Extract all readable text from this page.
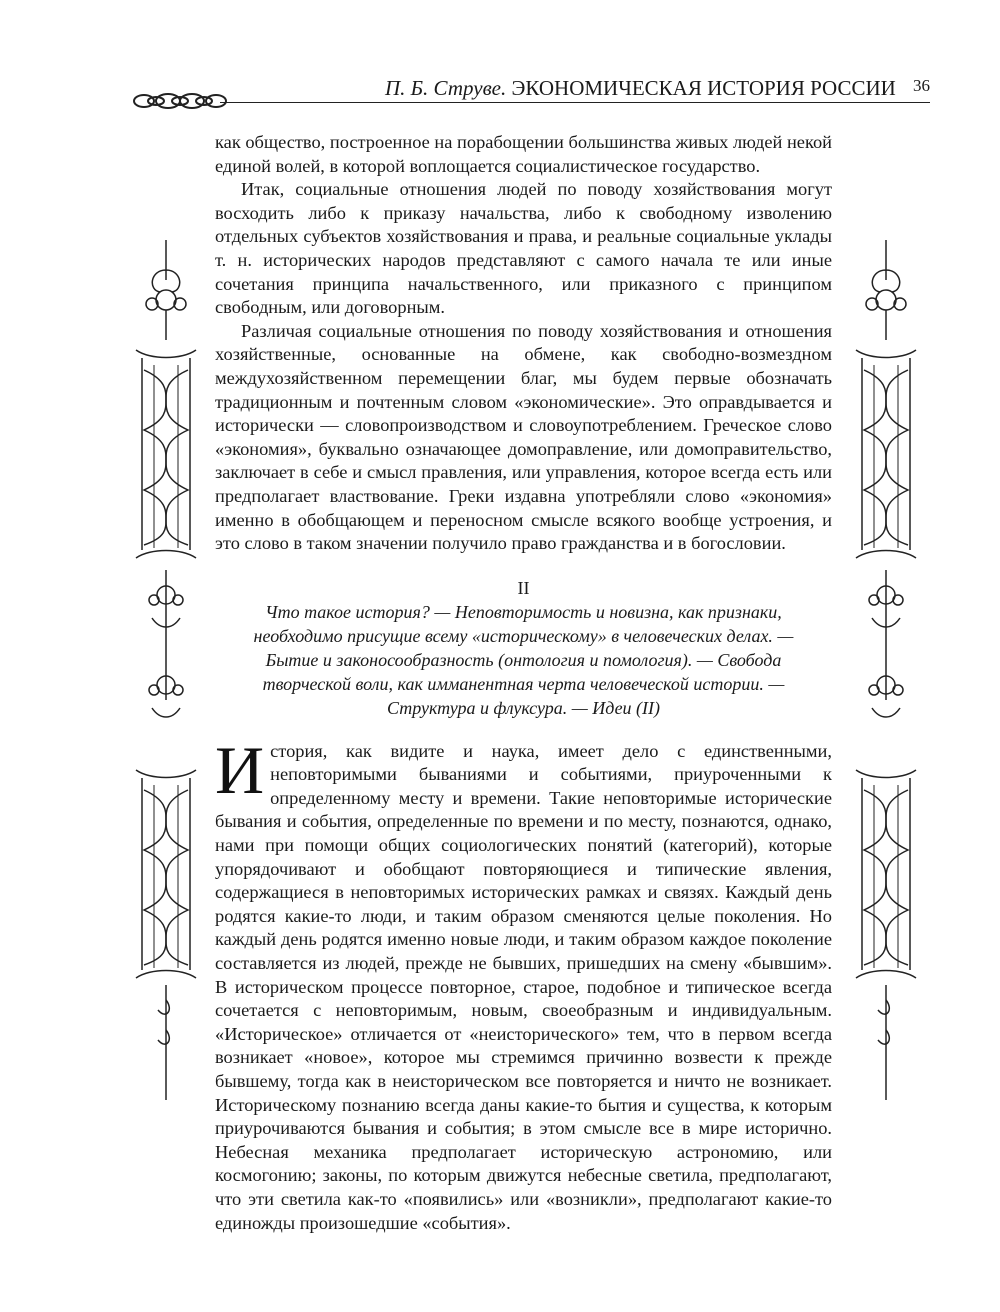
П. Б. Струве. ЭКОНОМИЧЕСКАЯ ИСТОРИЯ РОССИИ 36

как общество, построенное на порабощении большинства живых людей некой единой волей, в которой воплощается социалистическое государство.

Итак, социальные отношения людей по поводу хозяйствования могут восходить либо к приказу начальства, либо к свободному изволению отдельных субъектов хозяйствования и права, и реальные социальные уклады т. н. исторических народов представляют с самого начала те или иные сочетания принципа начальственного, или приказного с принципом свободным, или договорным.

Различая социальные отношения по поводу хозяйствования и отношения хозяйственные, основанные на обмене, как свободно-возмездном междухозяйственном перемещении благ, мы будем первые обозначать традиционным и почтенным словом «экономические». Это оправдывается и исторически — словопроизводством и словоупотреблением. Греческое слово «экономия», буквально означающее домоправление, или домоправительство, заключает в себе и смысл правления, или управления, которое всегда есть или предполагает властвование. Греки издавна употребляли слово «экономия» именно в обобщающем и переносном смысле всякого вообще устроения, и это слово в таком значении получило право гражданства и в богословии.

II
Что такое история? — Неповторимость и новизна, как признаки, необходимо присущие всему «историческому» в человеческих делах. — Бытие и законосообразность (онтология и помология). — Свобода творческой воли, как имманентная черта человеческой истории. — Структура и флуксура. — Идеи (II)

История, как видите и наука, имеет дело с единственными, неповторимыми бываниями и событиями, приуроченными к определенному месту и времени. Такие неповторимые исторические бывания и события, определенные по времени и по месту, познаются, однако, нами при помощи общих социологических понятий (категорий), которые упорядочивают и обобщают повторяющиеся и типические явления, содержащиеся в неповторимых исторических рамках и связях. Каждый день родятся какие-то люди, и таким образом сменяются целые поколения. Но каждый день родятся именно новые люди, и таким образом каждое поколение составляется из людей, прежде не бывших, пришедших на смену «бывшим». В историческом процессе повторное, старое, подобное и типическое всегда сочетается с неповторимым, новым, своеобразным и индивидуальным. «Историческое» отличается от «неисторического» тем, что в первом всегда возникает «новое», которое мы стремимся причинно возвести к прежде бывшему, тогда как в неисторическом все повторяется и ничто не возникает. Историческому познанию всегда даны какие-то бытия и существа, к которым приурочиваются бывания и события; в этом смысле все в мире исторично. Небесная механика предполагает историческую астрономию, или космогонию; законы, по которым движутся небесные светила, предполагают, что эти светила как-то «появились» или «возникли», предполагают какие-то единожды произошедшие «события».
